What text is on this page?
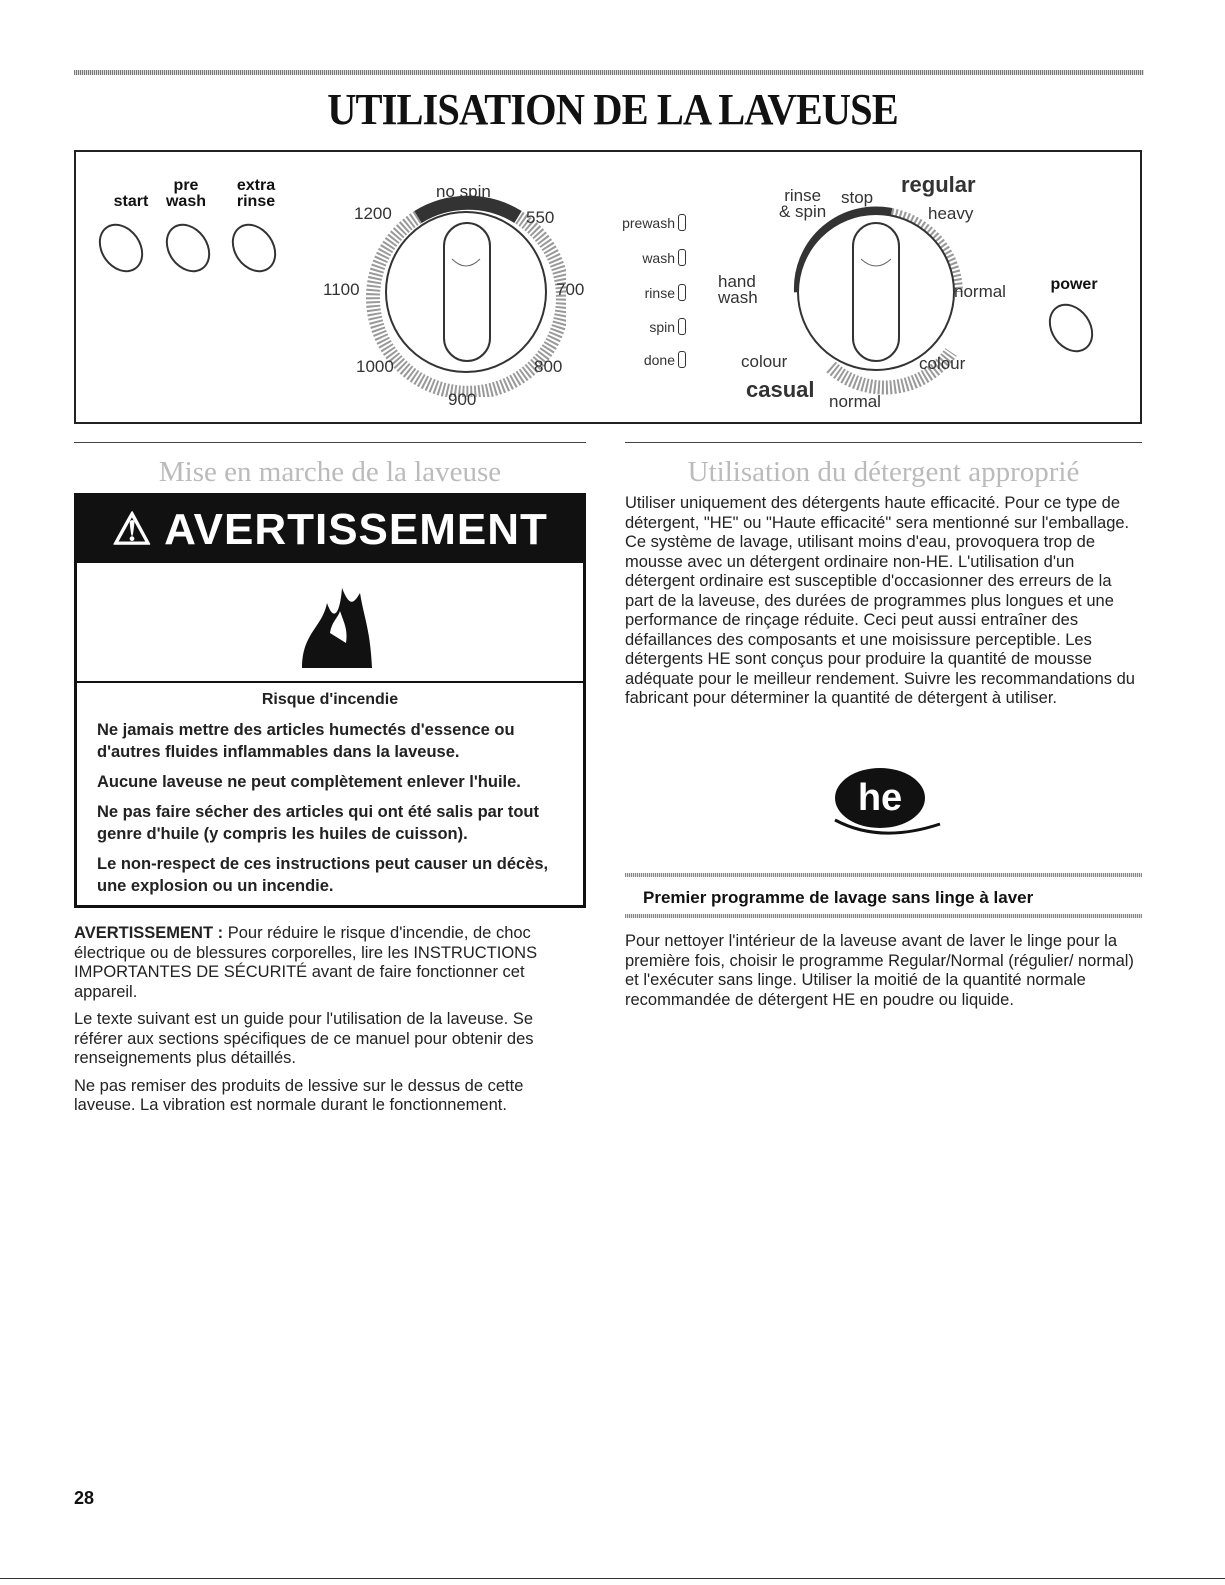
UTILISATION DE LA LAVEUSE
start
pre
wash
extra
rinse
no spin
550
700
800
900
1000
1100
1200	prewash
wash
rinse
spin
done
regular
heavy
normal
colour
normal
casual
colour
hand
wash
rinse
& spin
stop
power
Mise en marche de la laveuse
⚠ AVERTISSEMENT
Risque d'incendie

Ne jamais mettre des articles humectés d'essence ou d'autres fluides inflammables dans la laveuse.

Aucune laveuse ne peut complètement enlever l'huile.

Ne pas faire sécher des articles qui ont été salis par tout genre d'huile (y compris les huiles de cuisson).

Le non-respect de ces instructions peut causer un décès, une explosion ou un incendie.

AVERTISSEMENT : Pour réduire le risque d'incendie, de choc électrique ou de blessures corporelles, lire les INSTRUCTIONS IMPORTANTES DE SÉCURITÉ avant de faire fonctionner cet appareil.

Le texte suivant est un guide pour l'utilisation de la laveuse. Se référer aux sections spécifiques de ce manuel pour obtenir des renseignements plus détaillés.

Ne pas remiser des produits de lessive sur le dessus de cette laveuse. La vibration est normale durant le fonctionnement.

Utilisation du détergent approprié
Utiliser uniquement des détergents haute efficacité. Pour ce type de détergent, "HE" ou "Haute efficacité" sera mentionné sur l'emballage. Ce système de lavage, utilisant moins d'eau, provoquera trop de mousse avec un détergent ordinaire non-HE. L'utilisation d'un détergent ordinaire est susceptible d'occasionner des erreurs de la part de la laveuse, des durées de programmes plus longues et une performance de rinçage réduite. Ceci peut aussi entraîner des défaillances des composants et une moisissure perceptible. Les détergents HE sont conçus pour produire la quantité de mousse adéquate pour le meilleur rendement. Suivre les recommandations du fabricant pour déterminer la quantité de détergent à utiliser.
he
Premier programme de lavage sans linge à laver
Pour nettoyer l'intérieur de la laveuse avant de laver le linge pour la première fois, choisir le programme Regular/Normal (régulier/ normal) et l'exécuter sans linge. Utiliser la moitié de la quantité normale recommandée de détergent HE en poudre ou liquide.
28
